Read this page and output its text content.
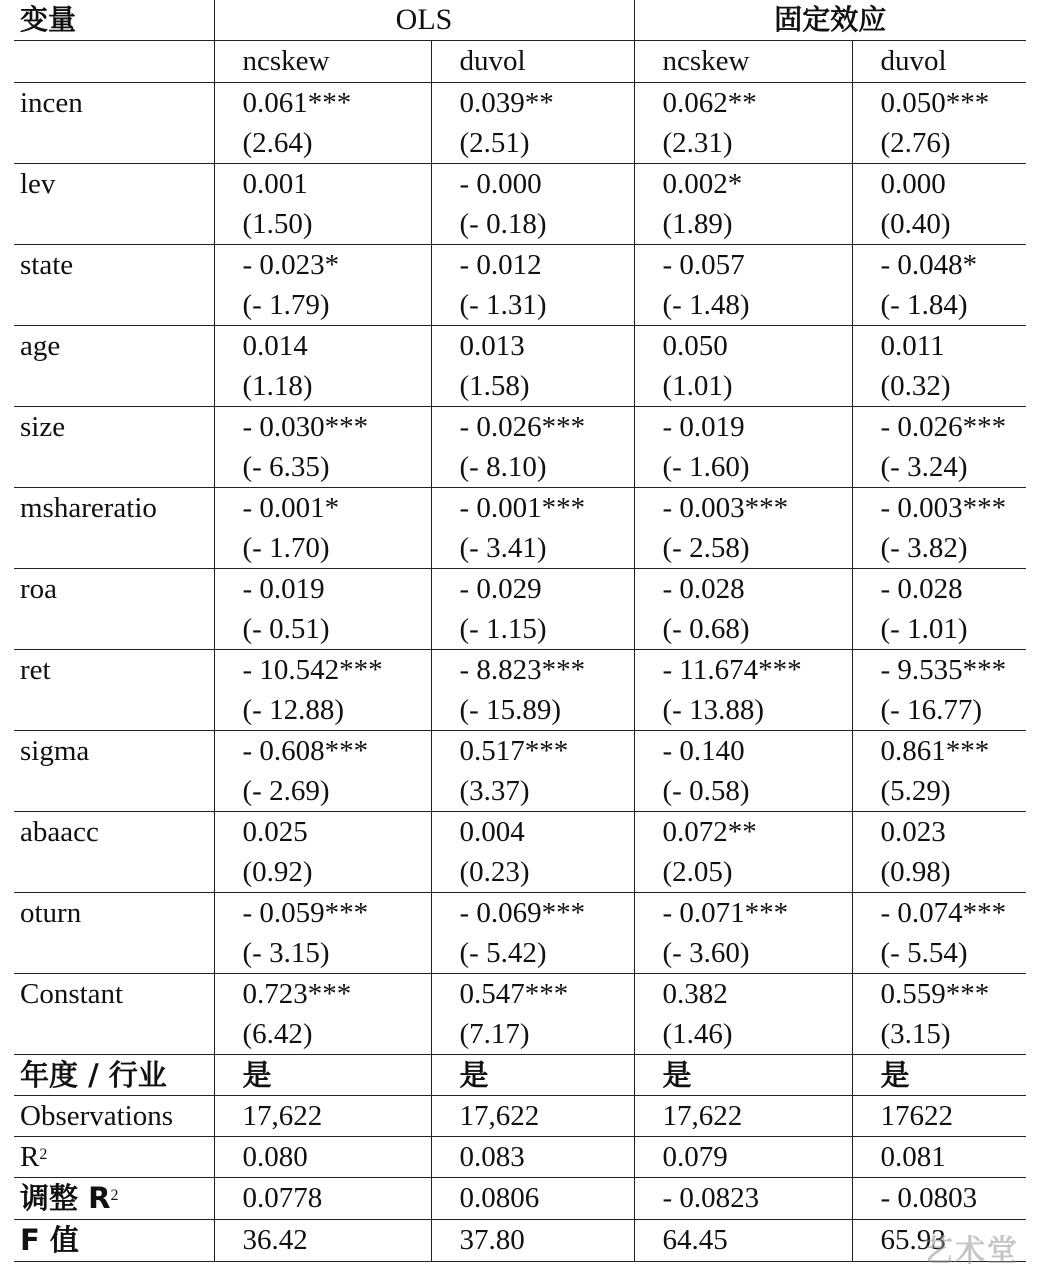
变量	OLS		固定效应	
	ncskew	duvol	ncskew	duvol
incen	0.061***	0.039**	0.062**	0.050***
	(2.64)	(2.51)	(2.31)	(2.76)
lev	0.001	- 0.000	0.002*	0.000
	(1.50)	(- 0.18)	(1.89)	(0.40)
state	- 0.023*	- 0.012	- 0.057	- 0.048*
	(- 1.79)	(- 1.31)	(- 1.48)	(- 1.84)
age	0.014	0.013	0.050	0.011
	(1.18)	(1.58)	(1.01)	(0.32)
size	- 0.030***	- 0.026***	- 0.019	- 0.026***
	(- 6.35)	(- 8.10)	(- 1.60)	(- 3.24)
mshareratio	- 0.001*	- 0.001***	- 0.003***	- 0.003***
	(- 1.70)	(- 3.41)	(- 2.58)	(- 3.82)
roa	- 0.019	- 0.029	- 0.028	- 0.028
	(- 0.51)	(- 1.15)	(- 0.68)	(- 1.01)
ret	- 10.542***	- 8.823***	- 11.674***	- 9.535***
	(- 12.88)	(- 15.89)	(- 13.88)	(- 16.77)
sigma	- 0.608***	0.517***	- 0.140	0.861***
	(- 2.69)	(3.37)	(- 0.58)	(5.29)
abaacc	0.025	0.004	0.072**	0.023
	(0.92)	(0.23)	(2.05)	(0.98)
oturn	- 0.059***	- 0.069***	- 0.071***	- 0.074***
	(- 3.15)	(- 5.42)	(- 3.60)	(- 5.54)
Constant	0.723***	0.547***	0.382	0.559***
	(6.42)	(7.17)	(1.46)	(3.15)
年度 / 行业	是	是	是	是
Observations	17,622	17,622	17,622	17622
$R^2$	0.080	0.083	0.079	0.081
调整 $R^2$	0.0778	0.0806	- 0.0823	- 0.0803
F 值	36.42	37.80	64.45	65.93
艺术堂
